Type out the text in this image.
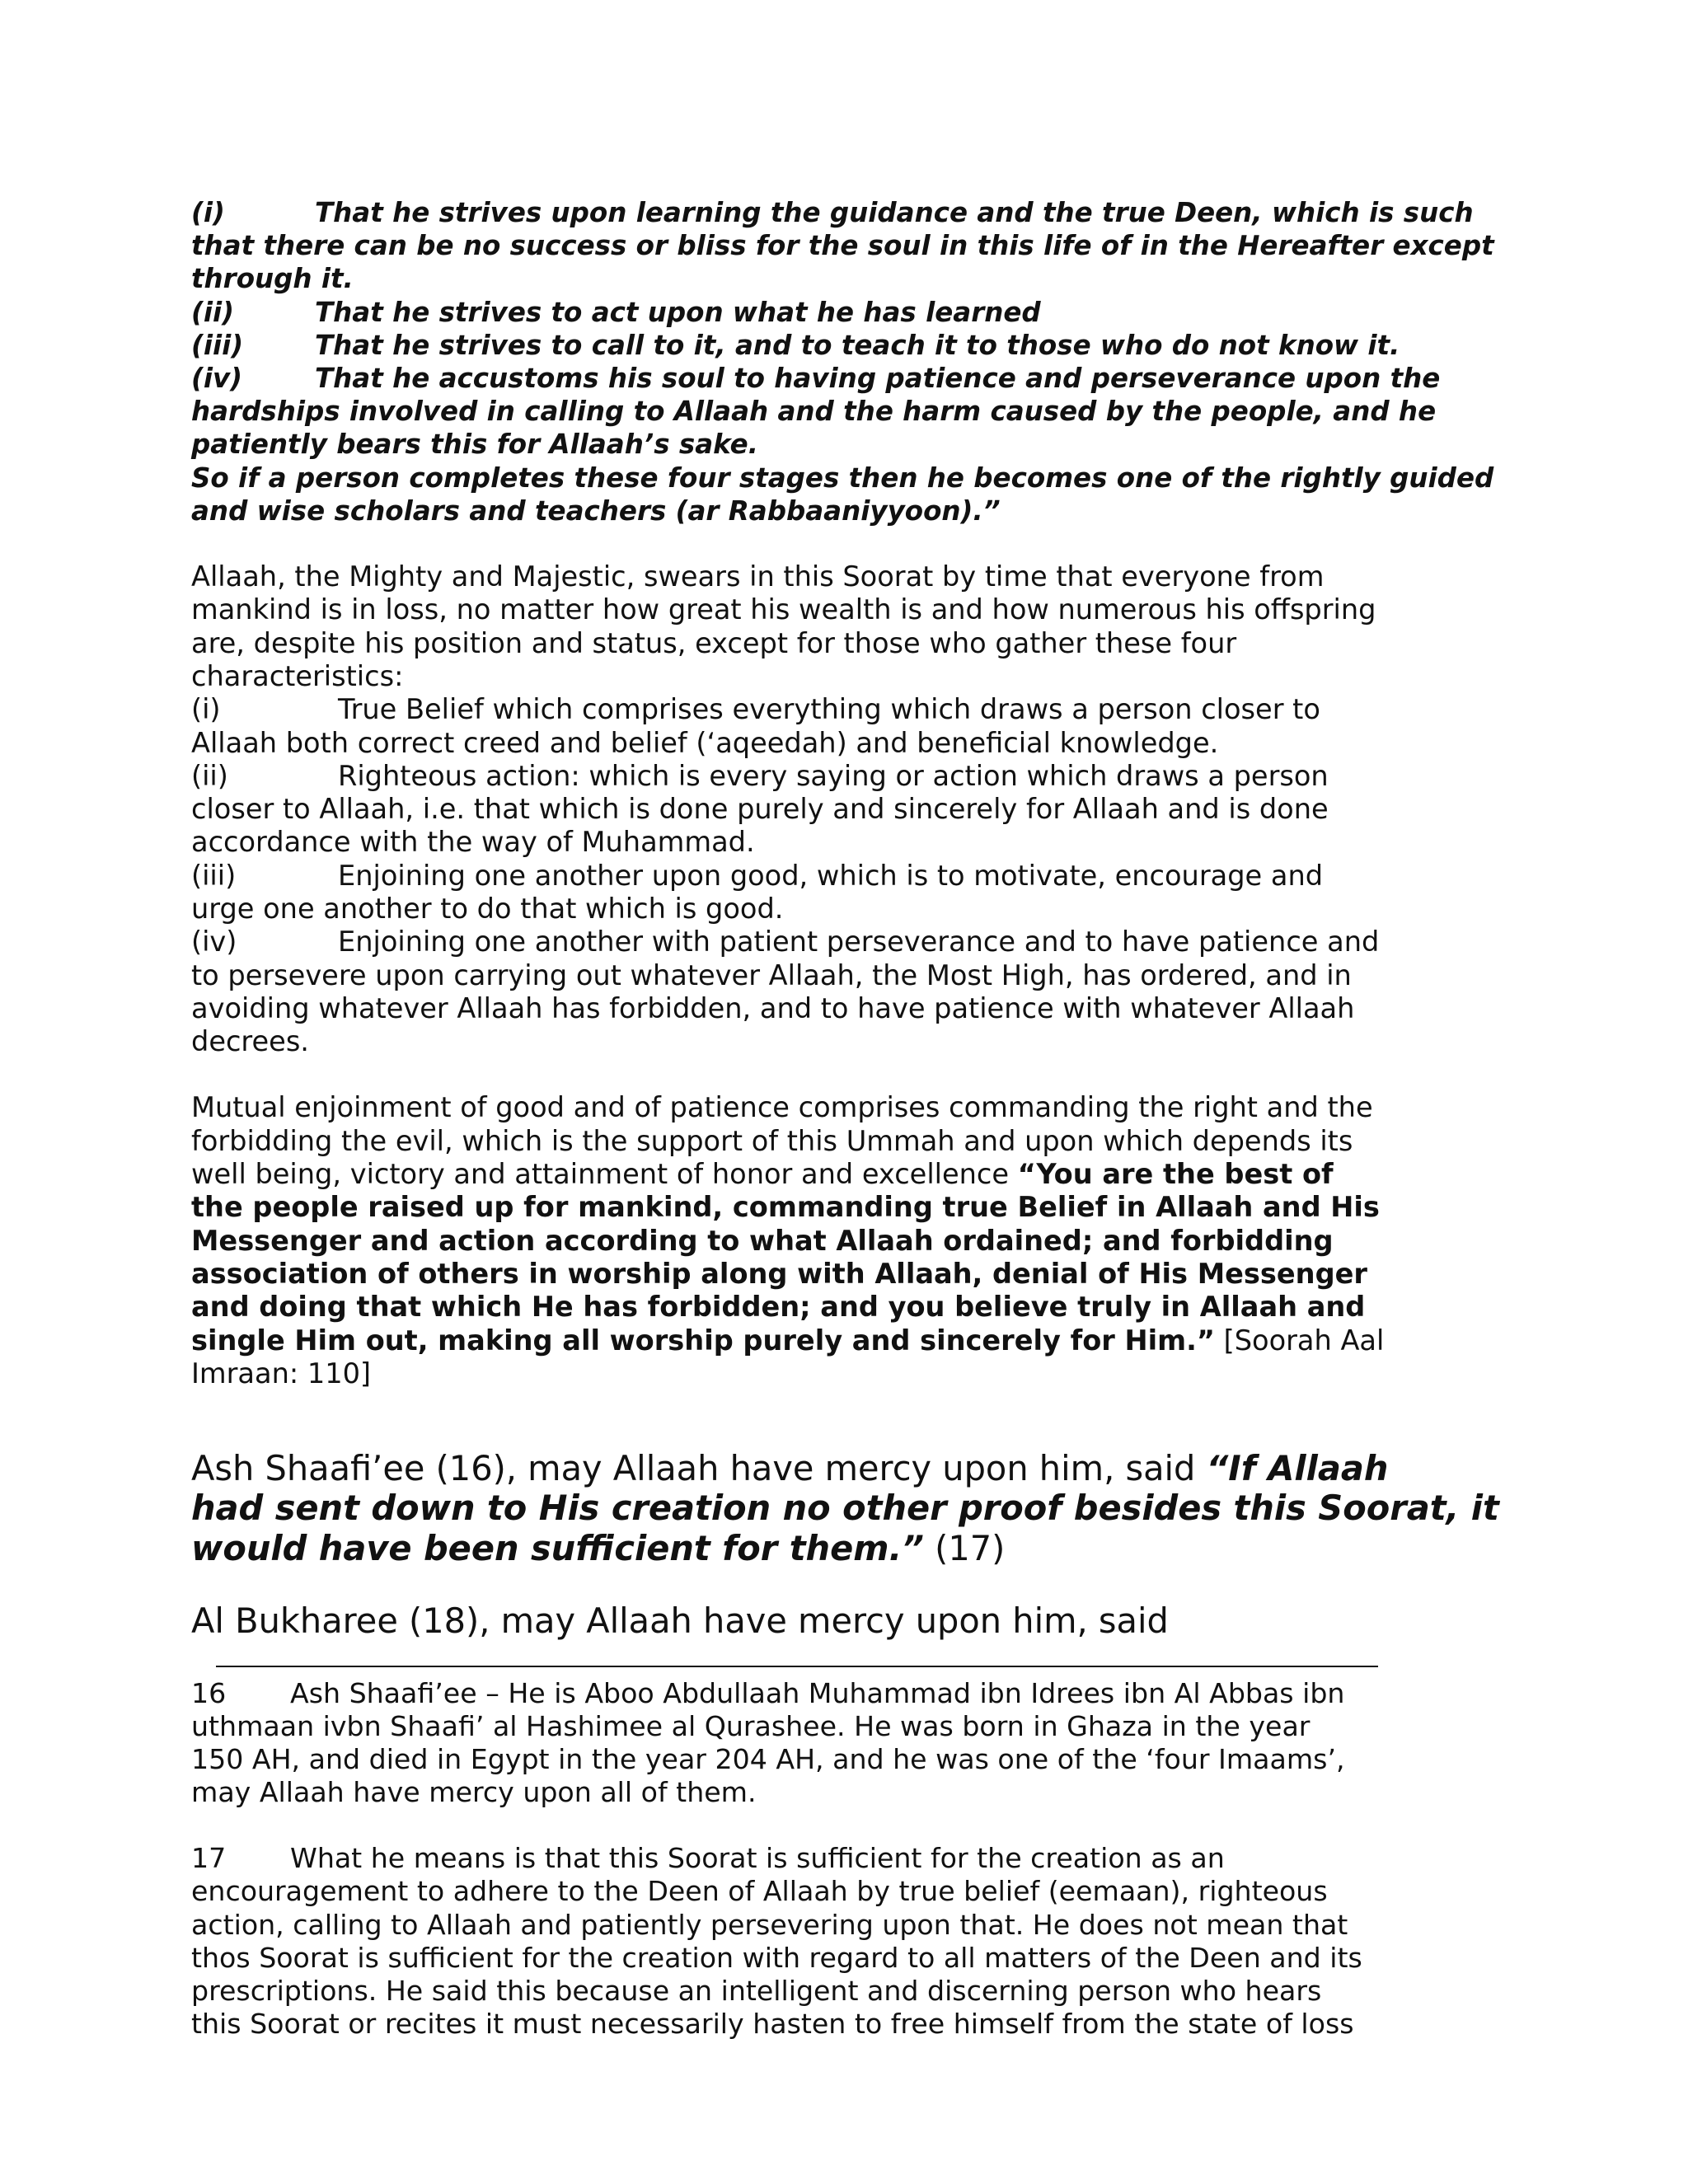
(i)	That he strives upon learning the guidance and the true Deen, which is such
that there can be no success or bliss for the soul in this life of in the Hereafter except
through it.
(ii)	That he strives to act upon what he has learned
(iii)	That he strives to call to it, and to teach it to those who do not know it.
(iv)	That he accustoms his soul to having patience and perseverance upon the
hardships involved in calling to Allaah and the harm caused by the people, and he
patiently bears this for Allaah’s sake.
So if a person completes these four stages then he becomes one of the rightly guided
and wise scholars and teachers (ar Rabbaaniyyoon).”
Allaah, the Mighty and Majestic, swears in this Soorat by time that everyone from
mankind is in loss, no matter how great his wealth is and how numerous his offspring
are, despite his position and status, except for those who gather these four
characteristics:
(i)	True Belief which comprises everything which draws a person closer to
Allaah both correct creed and belief (‘aqeedah) and beneficial knowledge.
(ii)	Righteous action: which is every saying or action which draws a person
closer to Allaah, i.e. that which is done purely and sincerely for Allaah and is done
accordance with the way of Muhammad.
(iii)	Enjoining one another upon good, which is to motivate, encourage and
urge one another to do that which is good.
(iv)	Enjoining one another with patient perseverance and to have patience and
to persevere upon carrying out whatever Allaah, the Most High, has ordered, and in
avoiding whatever Allaah has forbidden, and to have patience with whatever Allaah
decrees.
Mutual enjoinment of good and of patience comprises commanding the right and the
forbidding the evil, which is the support of this Ummah and upon which depends its
well being, victory and attainment of honor and excellence “You are the best of
the people raised up for mankind, commanding true Belief in Allaah and His
Messenger and action according to what Allaah ordained; and forbidding
association of others in worship along with Allaah, denial of His Messenger
and doing that which He has forbidden; and you believe truly in Allaah and
single Him out, making all worship purely and sincerely for Him.” [Soorah Aal
Imraan: 110]
Ash Shaafi’ee (16), may Allaah have mercy upon him, said “If Allaah
had sent down to His creation no other proof besides this Soorat, it
would have been sufficient for them.” (17)
Al Bukharee (18), may Allaah have mercy upon him, said
16 Ash Shaafi’ee – He is Aboo Abdullaah Muhammad ibn Idrees ibn Al Abbas ibn
uthmaan ivbn Shaafi’ al Hashimee al Qurashee. He was born in Ghaza in the year
150 AH, and died in Egypt in the year 204 AH, and he was one of the ‘four Imaams’,
may Allaah have mercy upon all of them.
17 What he means is that this Soorat is sufficient for the creation as an
encouragement to adhere to the Deen of Allaah by true belief (eemaan), righteous
action, calling to Allaah and patiently persevering upon that. He does not mean that
thos Soorat is sufficient for the creation with regard to all matters of the Deen and its
prescriptions. He said this because an intelligent and discerning person who hears
this Soorat or recites it must necessarily hasten to free himself from the state of loss
